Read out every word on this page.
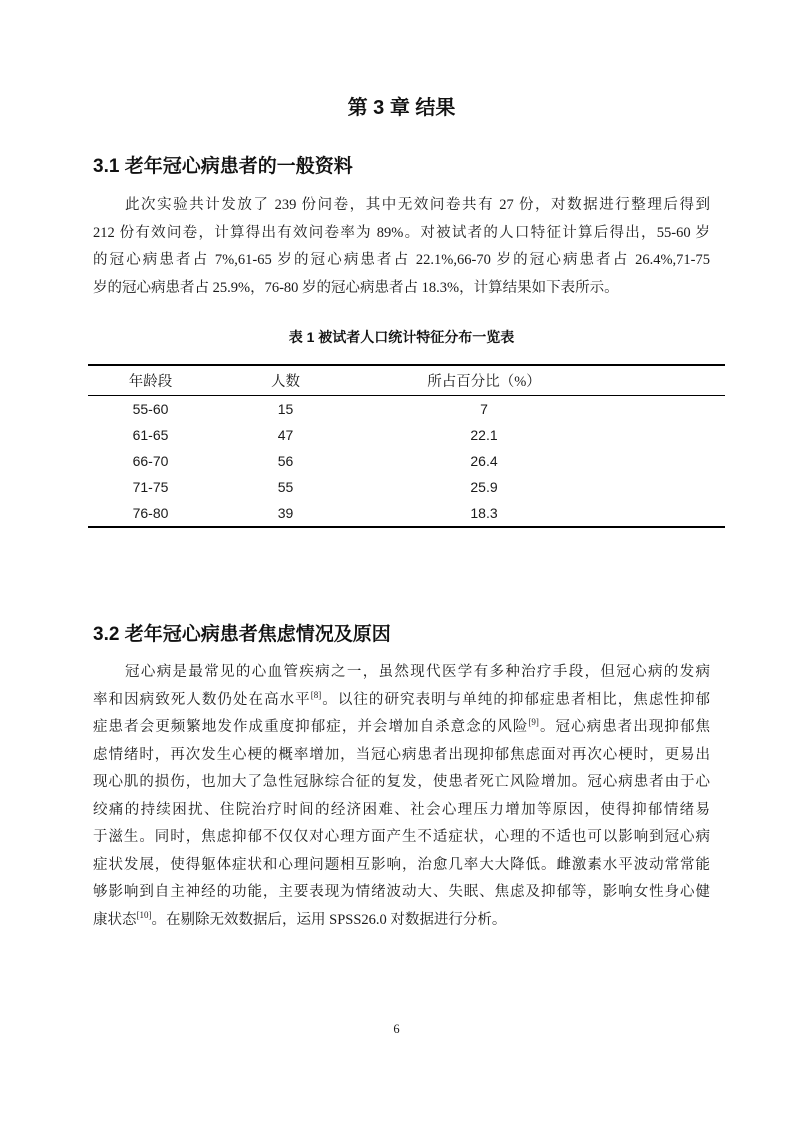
第 3 章 结果
3.1 老年冠心病患者的一般资料
此次实验共计发放了 239 份问卷，其中无效问卷共有 27 份，对数据进行整理后得到
212 份有效问卷，计算得出有效问卷率为 89%。对被试者的人口特征计算后得出，55-60 岁
的冠心病患者占 7%,61-65 岁的冠心病患者占 22.1%,66-70 岁的冠心病患者占 26.4%,71-75
岁的冠心病患者占 25.9%，76-80 岁的冠心病患者占 18.3%，计算结果如下表所示。
表 1 被试者人口统计特征分布一览表
年龄段	人数	所占百分比（%）
55-60	15	7
61-65	47	22.1
66-70	56	26.4
71-75	55	25.9
76-80	39	18.3
3.2 老年冠心病患者焦虑情况及原因
冠心病是最常见的心血管疾病之一，虽然现代医学有多种治疗手段，但冠心病的发病
率和因病致死人数仍处在高水平[8]。以往的研究表明与单纯的抑郁症患者相比，焦虑性抑郁
症患者会更频繁地发作成重度抑郁症，并会增加自杀意念的风险[9]。冠心病患者出现抑郁焦
虑情绪时，再次发生心梗的概率增加，当冠心病患者出现抑郁焦虑面对再次心梗时，更易出
现心肌的损伤，也加大了急性冠脉综合征的复发，使患者死亡风险增加。冠心病患者由于心
绞痛的持续困扰、住院治疗时间的经济困难、社会心理压力增加等原因，使得抑郁情绪易
于滋生。同时，焦虑抑郁不仅仅对心理方面产生不适症状，心理的不适也可以影响到冠心病
症状发展，使得躯体症状和心理问题相互影响，治愈几率大大降低。雌激素水平波动常常能
够影响到自主神经的功能，主要表现为情绪波动大、失眠、焦虑及抑郁等，影响女性身心健
康状态[10]。在剔除无效数据后，运用 SPSS26.0 对数据进行分析。
6
